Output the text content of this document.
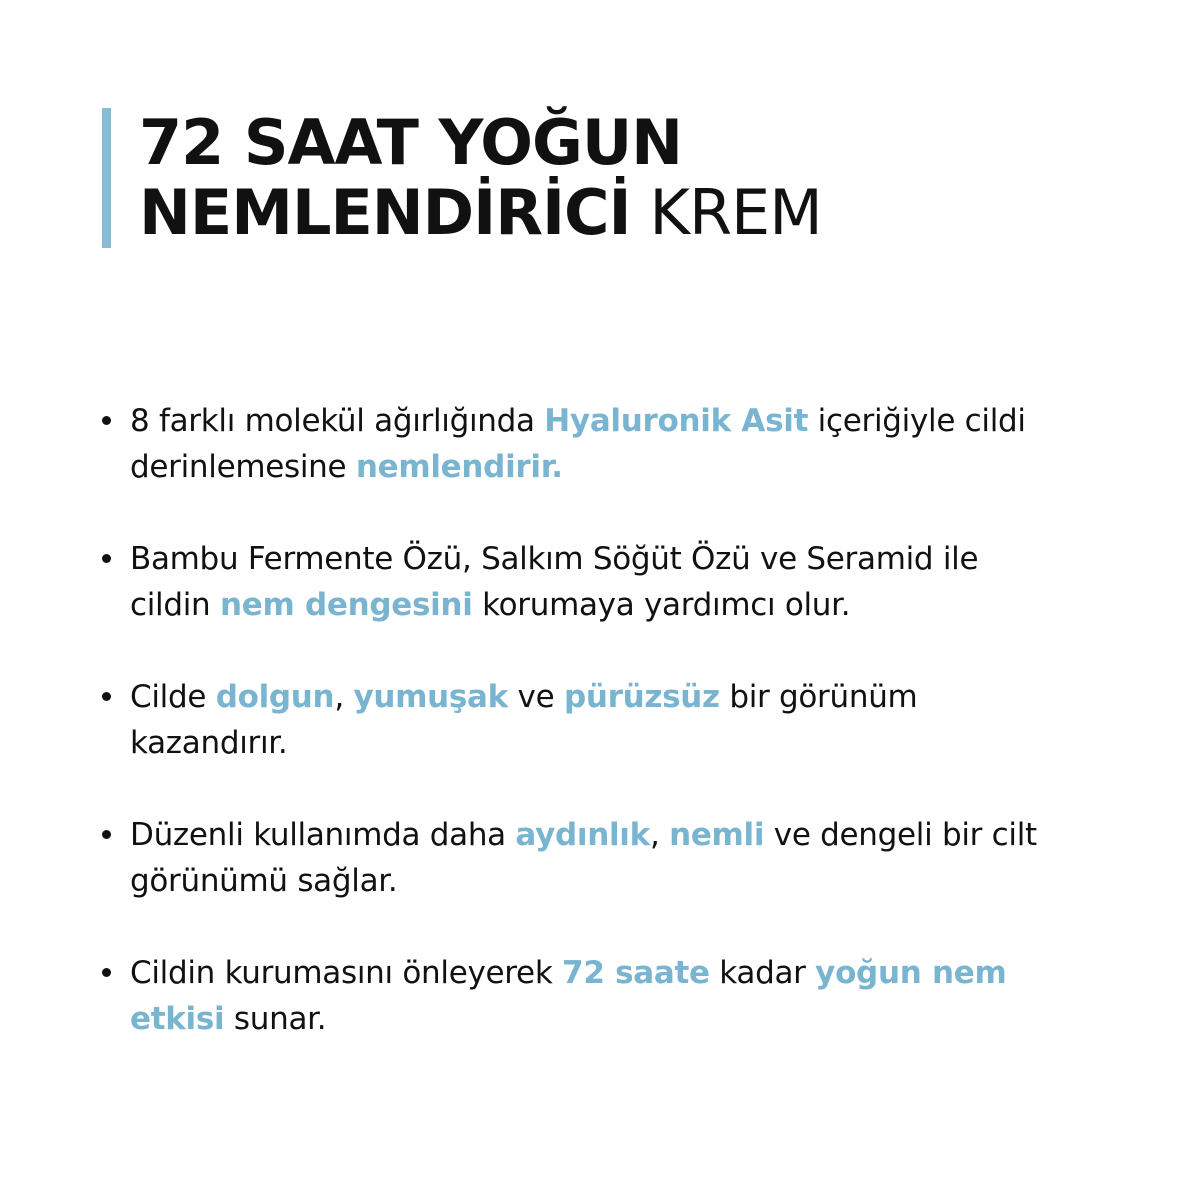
72 SAAT YOĞUN
NEMLENDİRİCİ KREM
8 farklı molekül ağırlığında Hyaluronik Asit içeriğiyle cildi derinlemesine nemlendirir.
Bambu Fermente Özü, Salkım Söğüt Özü ve Seramid ile cildin nem dengesini korumaya yardımcı olur.
Cilde dolgun, yumuşak ve pürüzsüz bir görünüm kazandırır.
Düzenli kullanımda daha aydınlık, nemli ve dengeli bir cilt görünümü sağlar.
Cildin kurumasını önleyerek 72 saate kadar yoğun nem etkisi sunar.
